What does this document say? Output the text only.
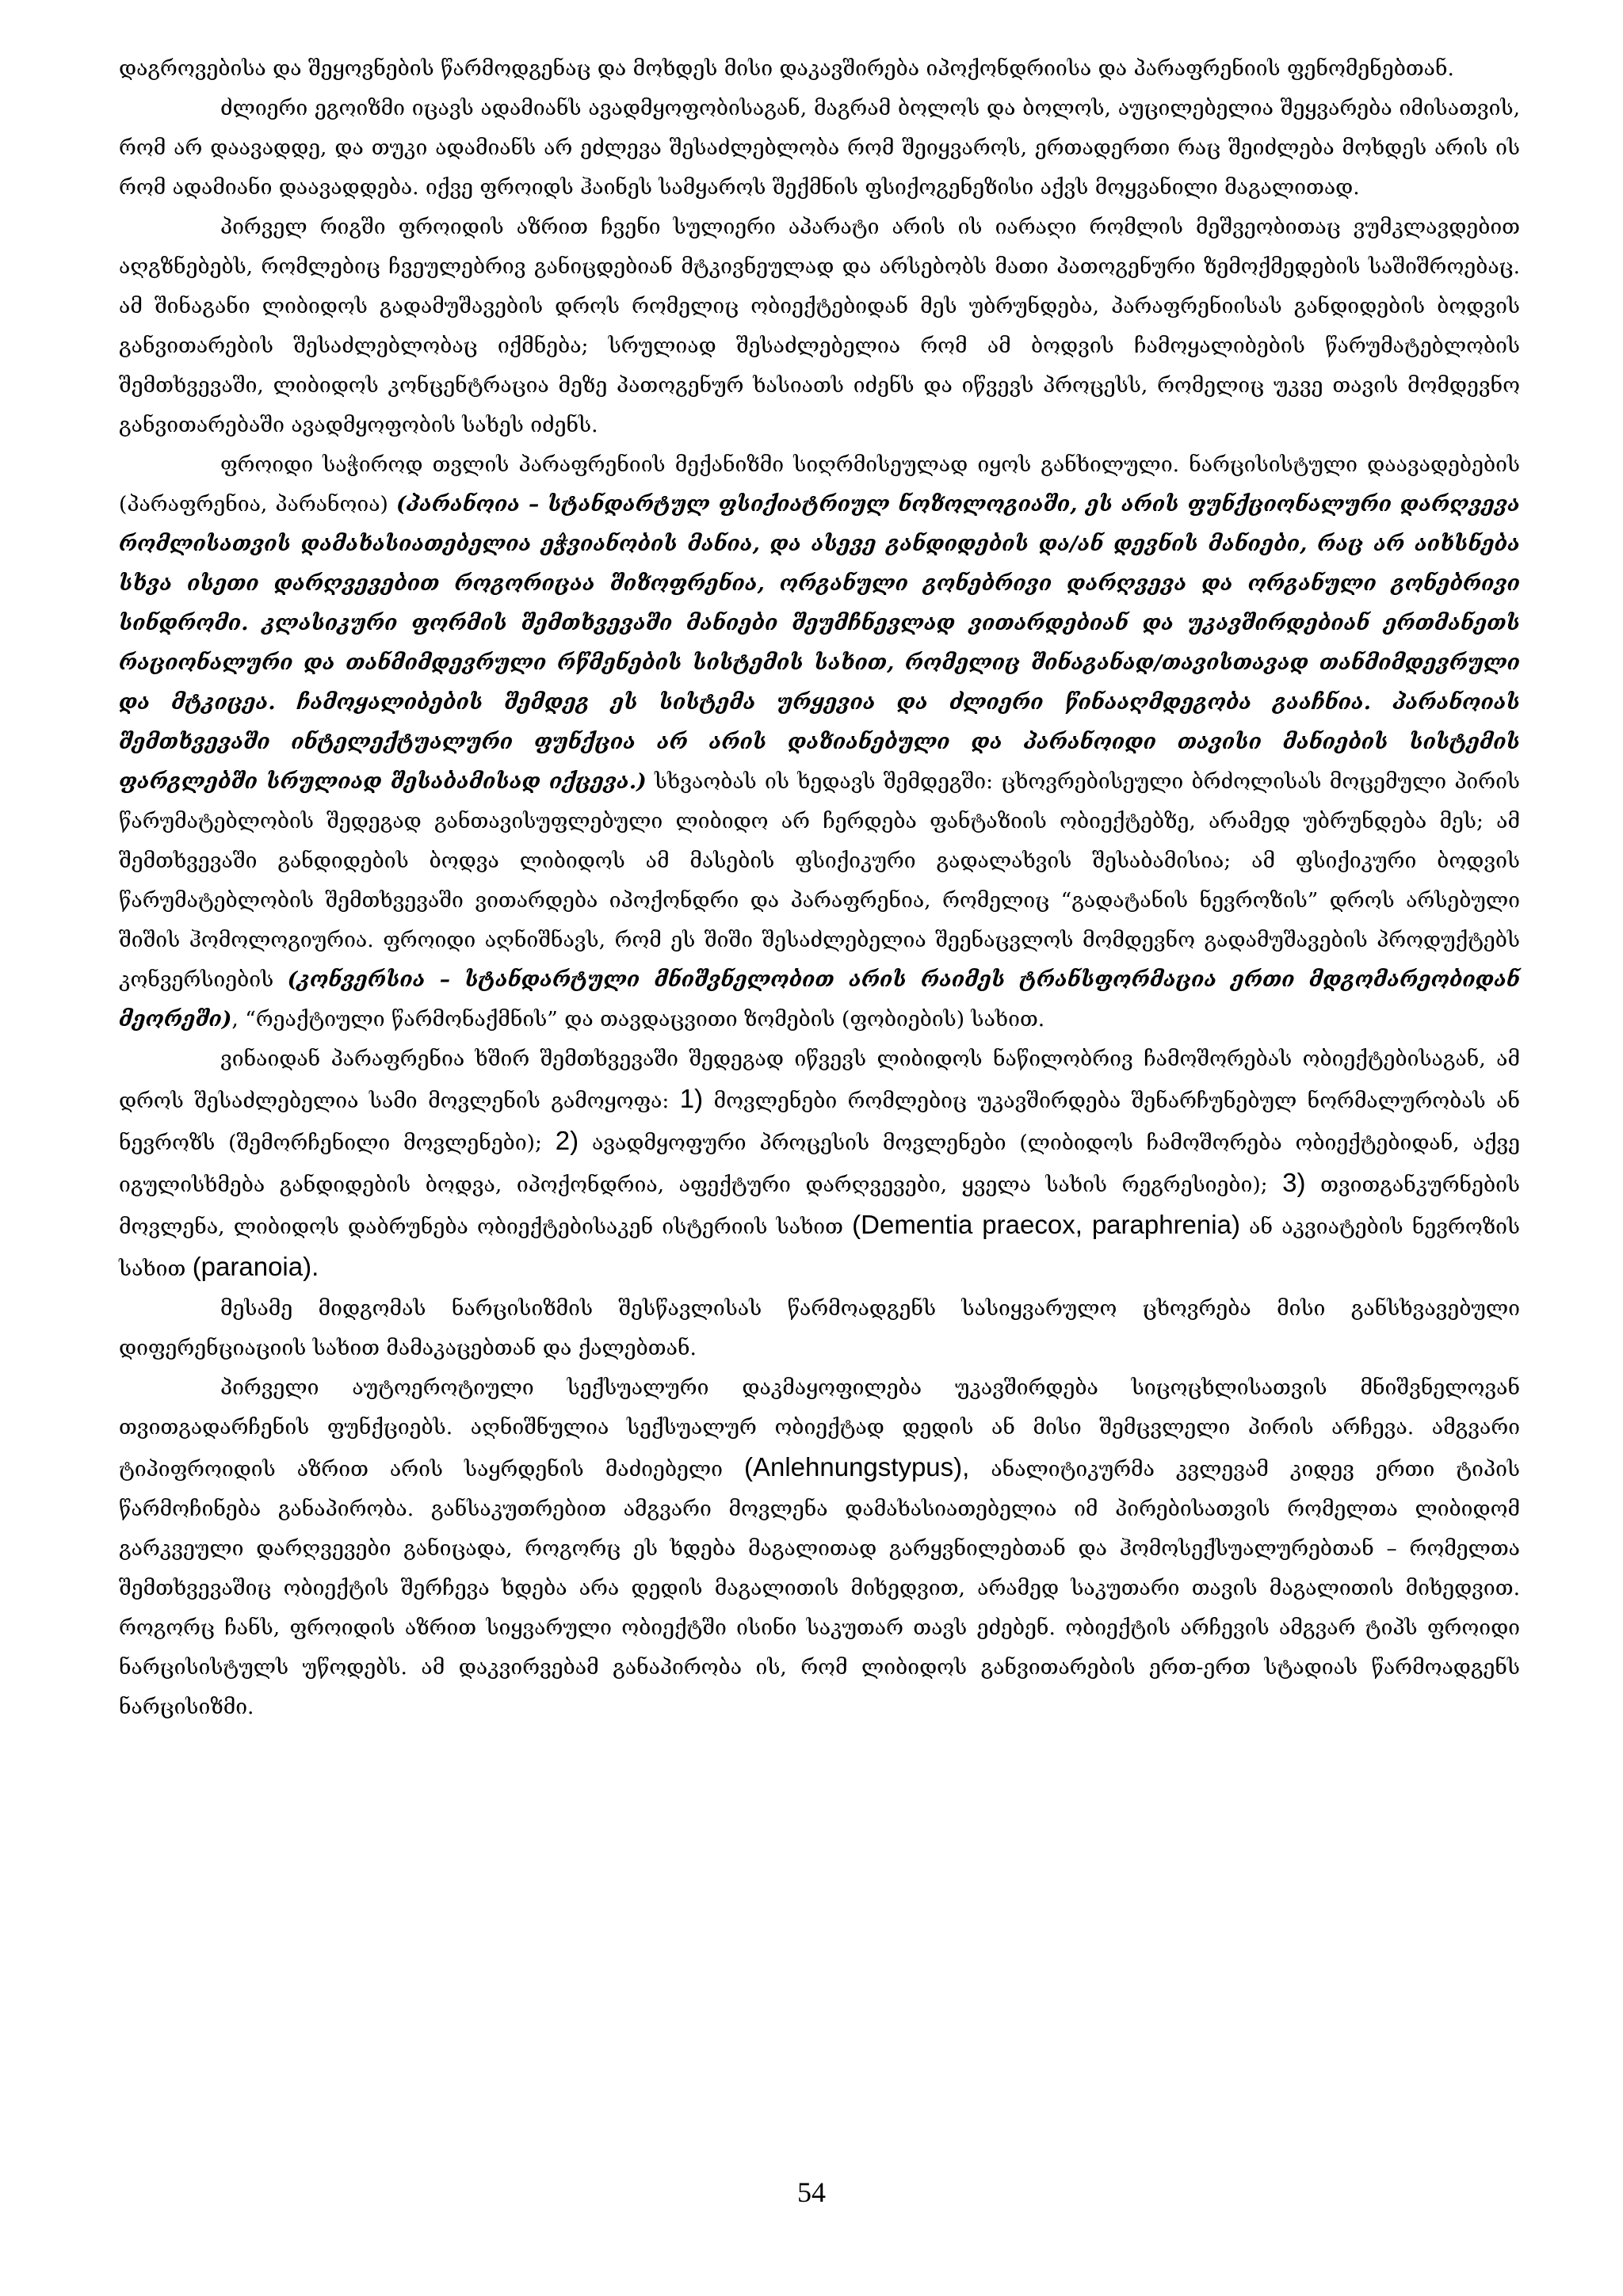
დაგროვებისა და შეყოვნების წარმოდგენაც და მოხდეს მისი დაკავშირება იპოქონდრიისა და პარაფრენიის ფენომენებთან.

ძლიერი ეგოიზმი იცავს ადამიანს ავადმყოფობისაგან, მაგრამ ბოლოს და ბოლოს, აუცილებელია შეყვარება იმისათვის, რომ არ დაავადდე, და თუკი ადამიანს არ ეძლევა შესაძლებლობა რომ შეიყვაროს, ერთადერთი რაც შეიძლება მოხდეს არის ის რომ ადამიანი დაავადდება. იქვე ფროიდს ჰაინეს სამყაროს შექმნის ფსიქოგენეზისი აქვს მოყვანილი მაგალითად.

პირველ რიგში ფროიდის აზრით ჩვენი სულიერი აპარატი არის ის იარაღი რომლის მეშვეობითაც ვუმკლავდებით აღგზნებებს, რომლებიც ჩვეულებრივ განიცდებიან მტკივნეულად და არსებობს მათი პათოგენური ზემოქმედების საშიშროებაც. ამ შინაგანი ლიბიდოს გადამუშავების დროს რომელიც ობიექტებიდან მეს უბრუნდება, პარაფრენიისას განდიდების ბოდვის განვითარების შესაძლებლობაც იქმნება; სრულიად შესაძლებელია რომ ამ ბოდვის ჩამოყალიბების წარუმატებლობის შემთხვევაში, ლიბიდოს კონცენტრაცია მეზე პათოგენურ ხასიათს იძენს და იწვევს პროცესს, რომელიც უკვე თავის მომდევნო განვითარებაში ავადმყოფობის სახეს იძენს.

ფროიდი საჭიროდ თვლის პარაფრენიის მექანიზმი სიღრმისეულად იყოს განხილული. ნარცისისტული დაავადებების (პარაფრენია, პარანოია) (პარანოია – სტანდარტულ ფსიქიატრიულ ნოზოლოგიაში, ეს არის ფუნქციონალური დარღვევა რომლისათვის დამახასიათებელია ეჭვიანობის მანია, და ასევე განდიდების და/ან დევნის მანიები, რაც არ აიხსნება სხვა ისეთი დარღვევებით როგორიცაა შიზოფრენია, ორგანული გონებრივი დარღვევა და ორგანული გონებრივი სინდრომი. კლასიკური ფორმის შემთხვევაში მანიები შეუმჩნევლად ვითარდებიან და უკავშირდებიან ერთმანეთს რაციონალური და თანმიმდევრული რწმენების სისტემის სახით, რომელიც შინაგანად/თავისთავად თანმიმდევრული და მტკიცეა. ჩამოყალიბების შემდეგ ეს სისტემა ურყევია და ძლიერი წინააღმდეგობა გააჩნია. პარანოიას შემთხვევაში ინტელექტუალური ფუნქცია არ არის დაზიანებული და პარანოიდი თავისი მანიების სისტემის ფარგლებში სრულიად შესაბამისად იქცევა.) სხვაობას ის ხედავს შემდეგში: ცხოვრებისეული ბრძოლისას მოცემული პირის წარუმატებლობის შედეგად განთავისუფლებული ლიბიდო არ ჩერდება ფანტაზიის ობიექტებზე, არამედ უბრუნდება მეს; ამ შემთხვევაში განდიდების ბოდვა ლიბიდოს ამ მასების ფსიქიკური გადალახვის შესაბამისია; ამ ფსიქიკური ბოდვის წარუმატებლობის შემთხვევაში ვითარდება იპოქონდრი და პარაფრენია, რომელიც “გადატანის ნევროზის” დროს არსებული შიშის ჰომოლოგიურია. ფროიდი აღნიშნავს, რომ ეს შიში შესაძლებელია შეენაცვლოს მომდევნო გადამუშავების პროდუქტებს კონვერსიების (კონვერსია – სტანდარტული მნიშვნელობით არის რაიმეს ტრანსფორმაცია ერთი მდგომარეობიდან მეორეში), “რეაქტიული წარმონაქმნის” და თავდაცვითი ზომების (ფობიების) სახით.

ვინაიდან პარაფრენია ხშირ შემთხვევაში შედეგად იწვევს ლიბიდოს ნაწილობრივ ჩამოშორებას ობიექტებისაგან, ამ დროს შესაძლებელია სამი მოვლენის გამოყოფა: 1) მოვლენები რომლებიც უკავშირდება შენარჩუნებულ ნორმალურობას ან ნევროზს (შემორჩენილი მოვლენები); 2) ავადმყოფური პროცესის მოვლენები (ლიბიდოს ჩამოშორება ობიექტებიდან, აქვე იგულისხმება განდიდების ბოდვა, იპოქონდრია, აფექტური დარღვევები, ყველა სახის რეგრესიები); 3) თვითგანკურნების მოვლენა, ლიბიდოს დაბრუნება ობიექტებისაკენ ისტერიის სახით (Dementia praecox, paraphrenia) ან აკვიატების ნევროზის სახით (paranoia).

მესამე მიდგომას ნარცისიზმის შესწავლისას წარმოადგენს სასიყვარულო ცხოვრება მისი განსხვავებული დიფერენციაციის სახით მამაკაცებთან და ქალებთან.

პირველი აუტოეროტიული სექსუალური დაკმაყოფილება უკავშირდება სიცოცხლისათვის მნიშვნელოვან თვითგადარჩენის ფუნქციებს. აღნიშნულია სექსუალურ ობიექტად დედის ან მისი შემცვლელი პირის არჩევა. ამგვარი ტიპიფროიდის აზრით არის საყრდენის მაძიებელი (Anlehnungstypus), ანალიტიკურმა კვლევამ კიდევ ერთი ტიპის წარმოჩინება განაპირობა. განსაკუთრებით ამგვარი მოვლენა დამახასიათებელია იმ პირებისათვის რომელთა ლიბიდომ გარკვეული დარღვევები განიცადა, როგორც ეს ხდება მაგალითად გარყვნილებთან და ჰომოსექსუალურებთან – რომელთა შემთხვევაშიც ობიექტის შერჩევა ხდება არა დედის მაგალითის მიხედვით, არამედ საკუთარი თავის მაგალითის მიხედვით. როგორც ჩანს, ფროიდის აზრით სიყვარული ობიექტში ისინი საკუთარ თავს ეძებენ. ობიექტის არჩევის ამგვარ ტიპს ფროიდი ნარცისისტულს უწოდებს. ამ დაკვირვებამ განაპირობა ის, რომ ლიბიდოს განვითარების ერთ-ერთ სტადიას წარმოადგენს ნარცისიზმი.

54
